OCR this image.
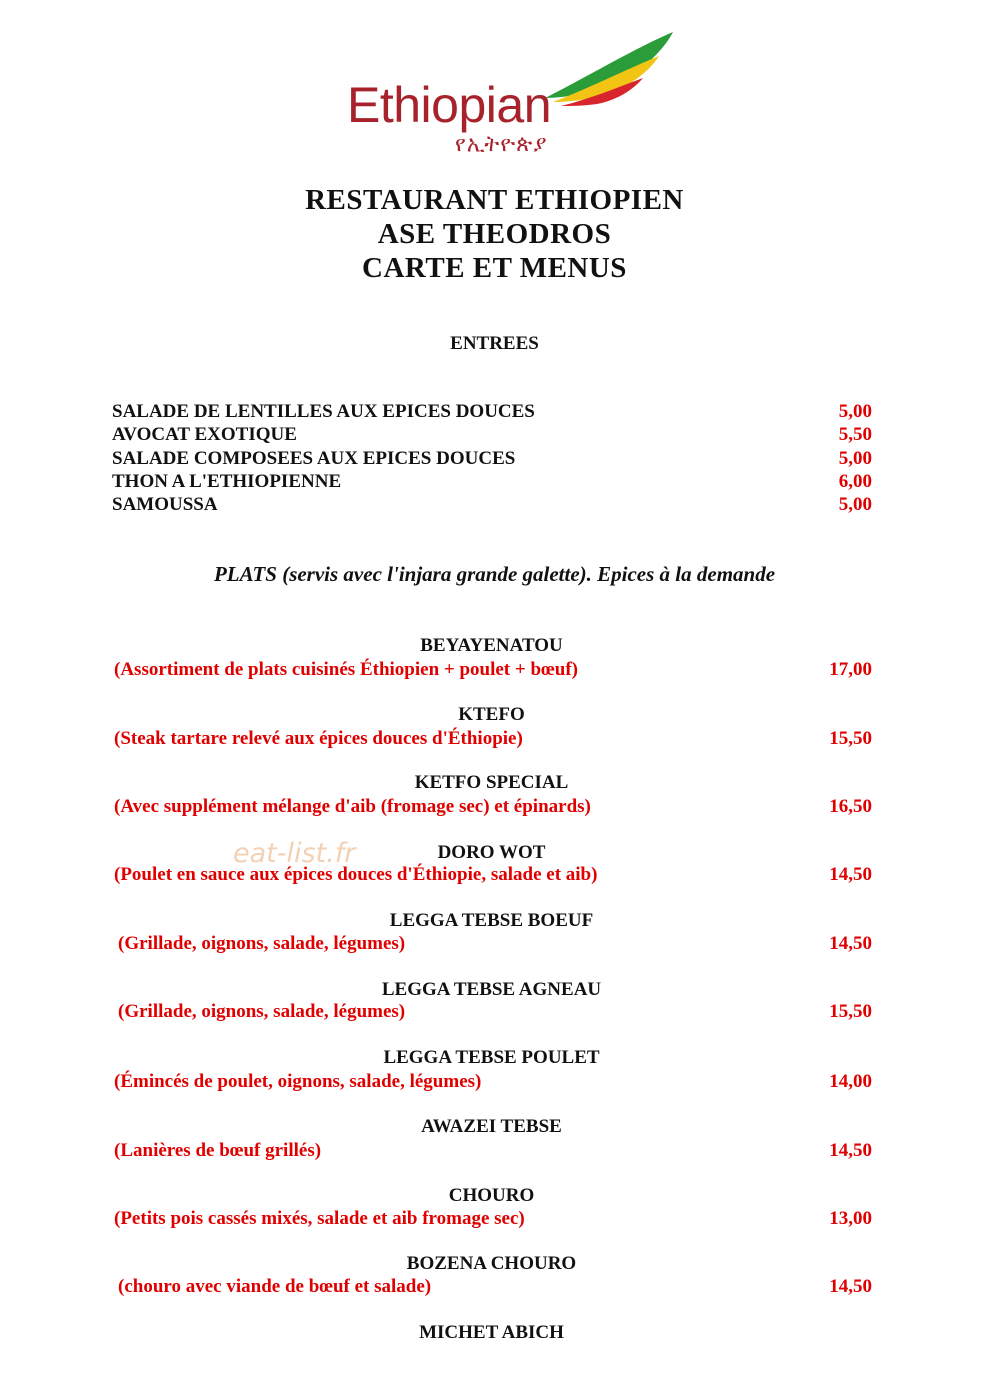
Ethiopian
የኢትዮጵያ
RESTAURANT ETHIOPIEN
ASE THEODROS
CARTE ET MENUS
ENTREES
SALADE DE LENTILLES AUX EPICES DOUCES	5,00
AVOCAT EXOTIQUE	5,50
SALADE COMPOSEES AUX EPICES DOUCES	5,00
THON A L'ETHIOPIENNE	6,00
SAMOUSSA	5,00
PLATS (servis avec l'injara grande galette). Epices à la demande
BEYAYENATOU
(Assortiment de plats cuisinés Éthiopien + poulet + bœuf)	17,00
KTEFO
(Steak tartare relevé aux épices douces d'Éthiopie)	15,50
KETFO SPECIAL
(Avec supplément mélange d'aib (fromage sec) et épinards)	16,50
DORO WOT
(Poulet en sauce aux épices douces d'Éthiopie, salade et aib)	14,50
LEGGA TEBSE BOEUF
(Grillade, oignons, salade, légumes)	14,50
LEGGA TEBSE AGNEAU
(Grillade, oignons, salade, légumes)	15,50
LEGGA TEBSE POULET
(Émincés de poulet, oignons, salade, légumes)	14,00
AWAZEI TEBSE
(Lanières de bœuf grillés)	14,50
CHOURO
(Petits pois cassés mixés, salade et aib fromage sec)	13,00
BOZENA CHOURO
(chouro avec viande de bœuf et salade)	14,50
MICHET ABICH
eat-list.fr
